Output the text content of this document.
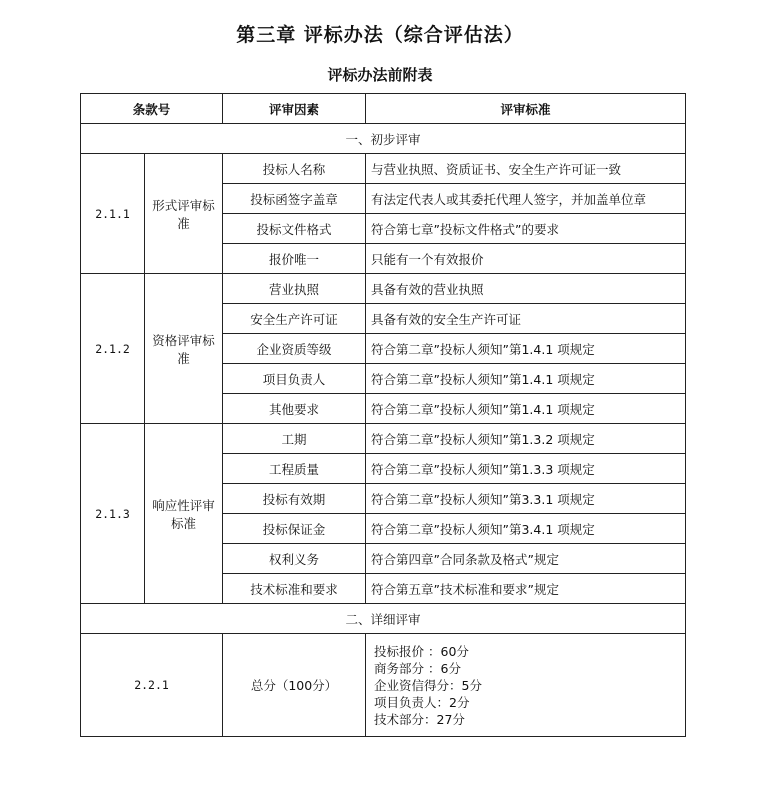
第三章 评标办法（综合评估法）
评标办法前附表
条款号		评审因素	评审标准
一、初步评审			
2.1.1	形式评审标准	投标人名称	与营业执照、资质证书、安全生产许可证一致
		投标函签字盖章	有法定代表人或其委托代理人签字，并加盖单位章
		投标文件格式	符合第七章”投标文件格式”的要求
		报价唯一	只能有一个有效报价
2.1.2	资格评审标准	营业执照	具备有效的营业执照
		安全生产许可证	具备有效的安全生产许可证
		企业资质等级	符合第二章”投标人须知”第1.4.1 项规定
		项目负责人	符合第二章”投标人须知”第1.4.1 项规定
		其他要求	符合第二章”投标人须知”第1.4.1 项规定
2.1.3	响应性评审标准	工期	符合第二章”投标人须知”第1.3.2 项规定
		工程质量	符合第二章”投标人须知”第1.3.3 项规定
		投标有效期	符合第二章”投标人须知”第3.3.1 项规定
		投标保证金	符合第二章”投标人须知”第3.4.1 项规定
		权利义务	符合第四章”合同条款及格式”规定
		技术标准和要求	符合第五章”技术标准和要求”规定
二、详细评审			
2.2.1		总分（100分）	投标报价 ：60分
商务部分 ：6分
企业资信得分：5分
项目负责人：2分
技术部分：27分
